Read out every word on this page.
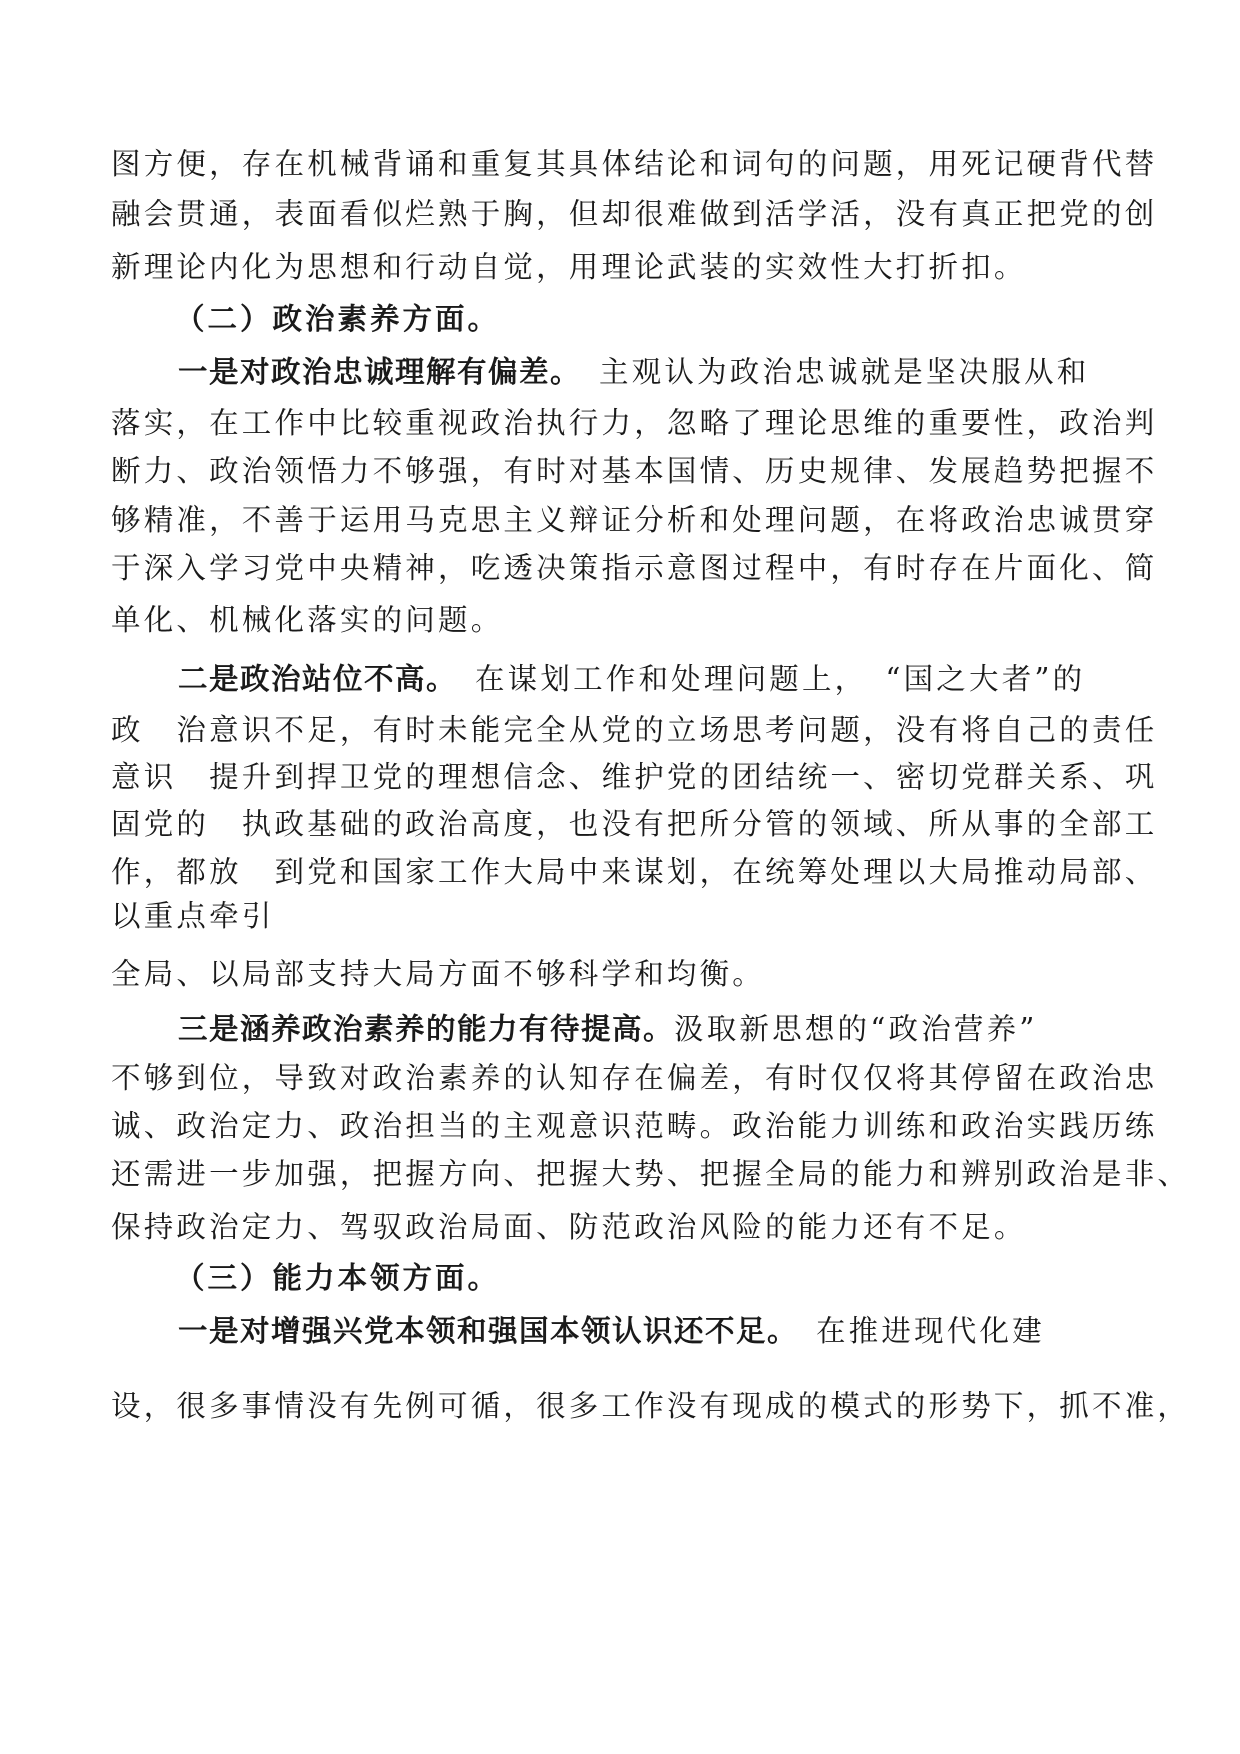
图方便，存在机械背诵和重复其具体结论和词句的问题，用死记硬背代替
融会贯通，表面看似烂熟于胸，但却很难做到活学活，没有真正把党的创
新理论内化为思想和行动自觉，用理论武装的实效性大打折扣。
（二）政治素养方面。
一是对政治忠诚理解有偏差。　主观认为政治忠诚就是坚决服从和
落实，在工作中比较重视政治执行力，忽略了理论思维的重要性，政治判
断力、政治领悟力不够强，有时对基本国情、历史规律、发展趋势把握不
够精准，不善于运用马克思主义辩证分析和处理问题，在将政治忠诚贯穿
于深入学习党中央精神，吃透决策指示意图过程中，有时存在片面化、简
单化、机械化落实的问题。
二是政治站位不高。　在谋划工作和处理问题上，　“国之大者”的
政　治意识不足，有时未能完全从党的立场思考问题，没有将自己的责任
意识　提升到捍卫党的理想信念、维护党的团结统一、密切党群关系、巩
固党的　执政基础的政治高度，也没有把所分管的领域、所从事的全部工
作，都放　到党和国家工作大局中来谋划，在统筹处理以大局推动局部、
以重点牵引
全局、以局部支持大局方面不够科学和均衡。
三是涵养政治素养的能力有待提高。汲取新思想的“政治营养”
不够到位，导致对政治素养的认知存在偏差，有时仅仅将其停留在政治忠
诚、政治定力、政治担当的主观意识范畴。政治能力训练和政治实践历练
还需进一步加强，把握方向、把握大势、把握全局的能力和辨别政治是非、
保持政治定力、驾驭政治局面、防范政治风险的能力还有不足。
（三）能力本领方面。
一是对增强兴党本领和强国本领认识还不足。　在推进现代化建
设，很多事情没有先例可循，很多工作没有现成的模式的形势下，抓不准，
